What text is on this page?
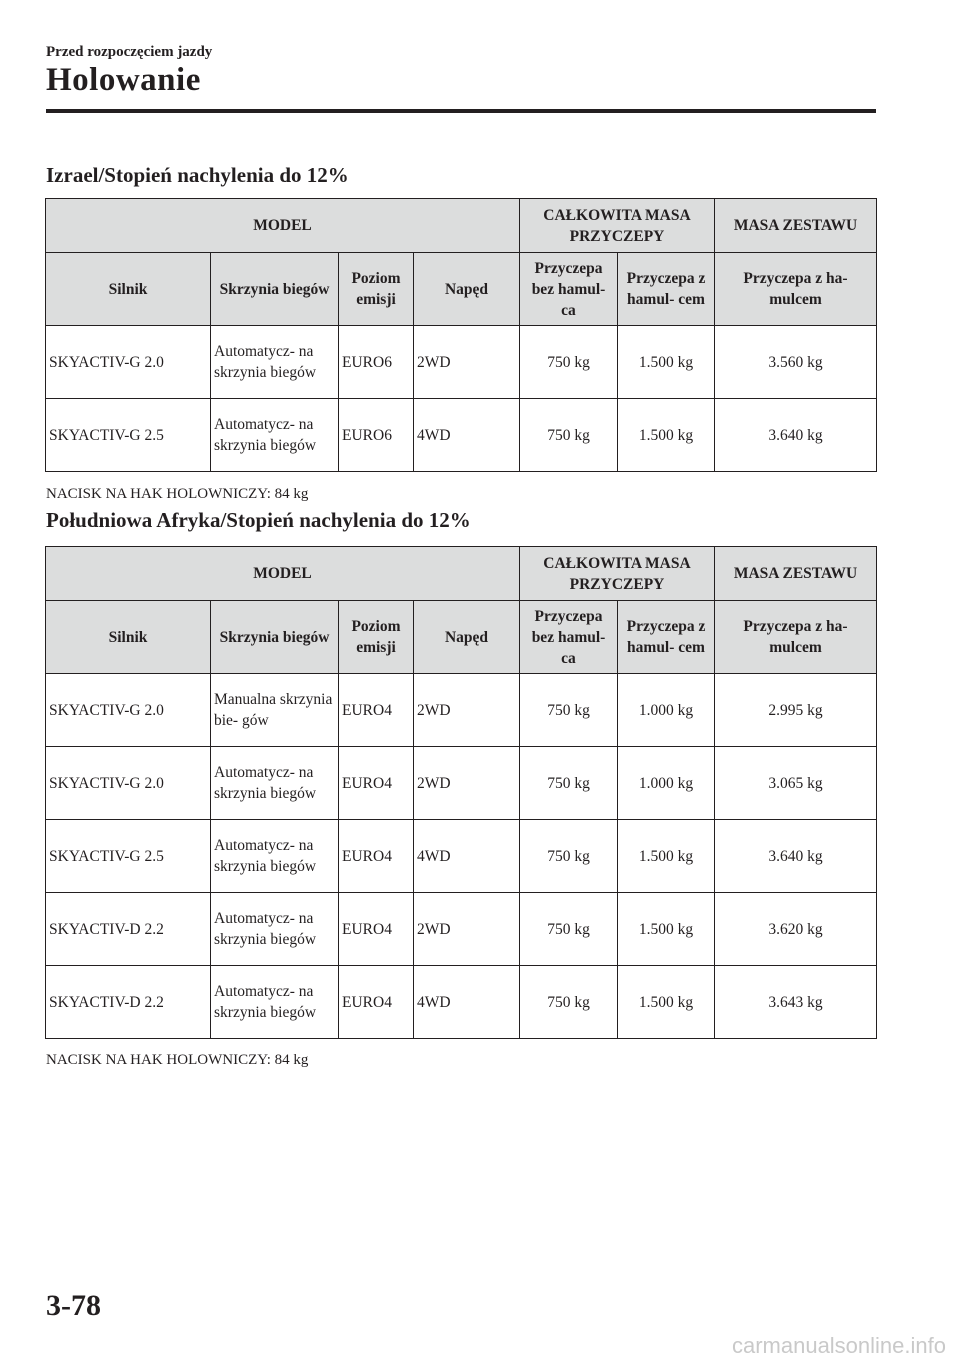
Przed rozpoczęciem jazdy
Holowanie
Izrael/Stopień nachylenia do 12%
MODEL				CAŁKOWITA MASA PRZYCZEPY		MASA ZESTAWU
Silnik	Skrzynia biegów	Poziom emisji	Napęd	Przyczepa bez hamul- ca	Przyczepa z hamul- cem	Przyczepa z ha- mulcem
SKYACTIV-G 2.0	Automatycz- na skrzynia biegów	EURO6	2WD	750 kg	1.500 kg	3.560 kg
SKYACTIV-G 2.5	Automatycz- na skrzynia biegów	EURO6	4WD	750 kg	1.500 kg	3.640 kg
NACISK NA HAK HOLOWNICZY: 84 kg
Południowa Afryka/Stopień nachylenia do 12%
MODEL				CAŁKOWITA MASA PRZYCZEPY		MASA ZESTAWU
Silnik	Skrzynia biegów	Poziom emisji	Napęd	Przyczepa bez hamul- ca	Przyczepa z hamul- cem	Przyczepa z ha- mulcem
SKYACTIV-G 2.0	Manualna skrzynia bie- gów	EURO4	2WD	750 kg	1.000 kg	2.995 kg
SKYACTIV-G 2.0	Automatycz- na skrzynia biegów	EURO4	2WD	750 kg	1.000 kg	3.065 kg
SKYACTIV-G 2.5	Automatycz- na skrzynia biegów	EURO4	4WD	750 kg	1.500 kg	3.640 kg
SKYACTIV-D 2.2	Automatycz- na skrzynia biegów	EURO4	2WD	750 kg	1.500 kg	3.620 kg
SKYACTIV-D 2.2	Automatycz- na skrzynia biegów	EURO4	4WD	750 kg	1.500 kg	3.643 kg
NACISK NA HAK HOLOWNICZY: 84 kg
3-78
carmanualsonline.info
